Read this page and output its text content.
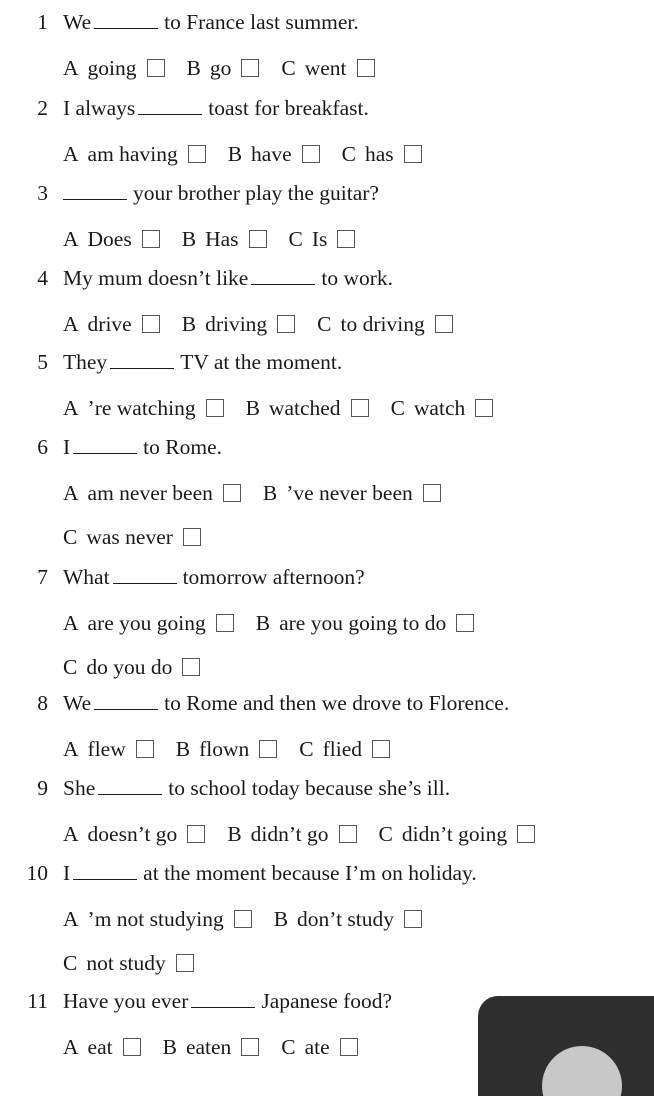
1 We	to France last summer.
A going B go C went
2 I always	toast for breakfast.
A am having B have C has
3	your brother play the guitar?
A Does B Has C Is
4 My mum doesn’t like	to work.
A drive B driving C to driving
5 They	TV at the moment.
A ’re watching B watched C watch
6 I	to Rome.
A am never been B ’ve never been
C was never
7 What	tomorrow afternoon?
A are you going B are you going to do
C do you do
8 We	to Rome and then we drove to Florence.
A flew B flown C flied
9 She	to school today because she’s ill.
A doesn’t go B didn’t go C didn’t going
10 I	at the moment because I’m on holiday.
A ’m not studying B don’t study
C not study
11 Have you ever	Japanese food?
A eat B eaten C ate
